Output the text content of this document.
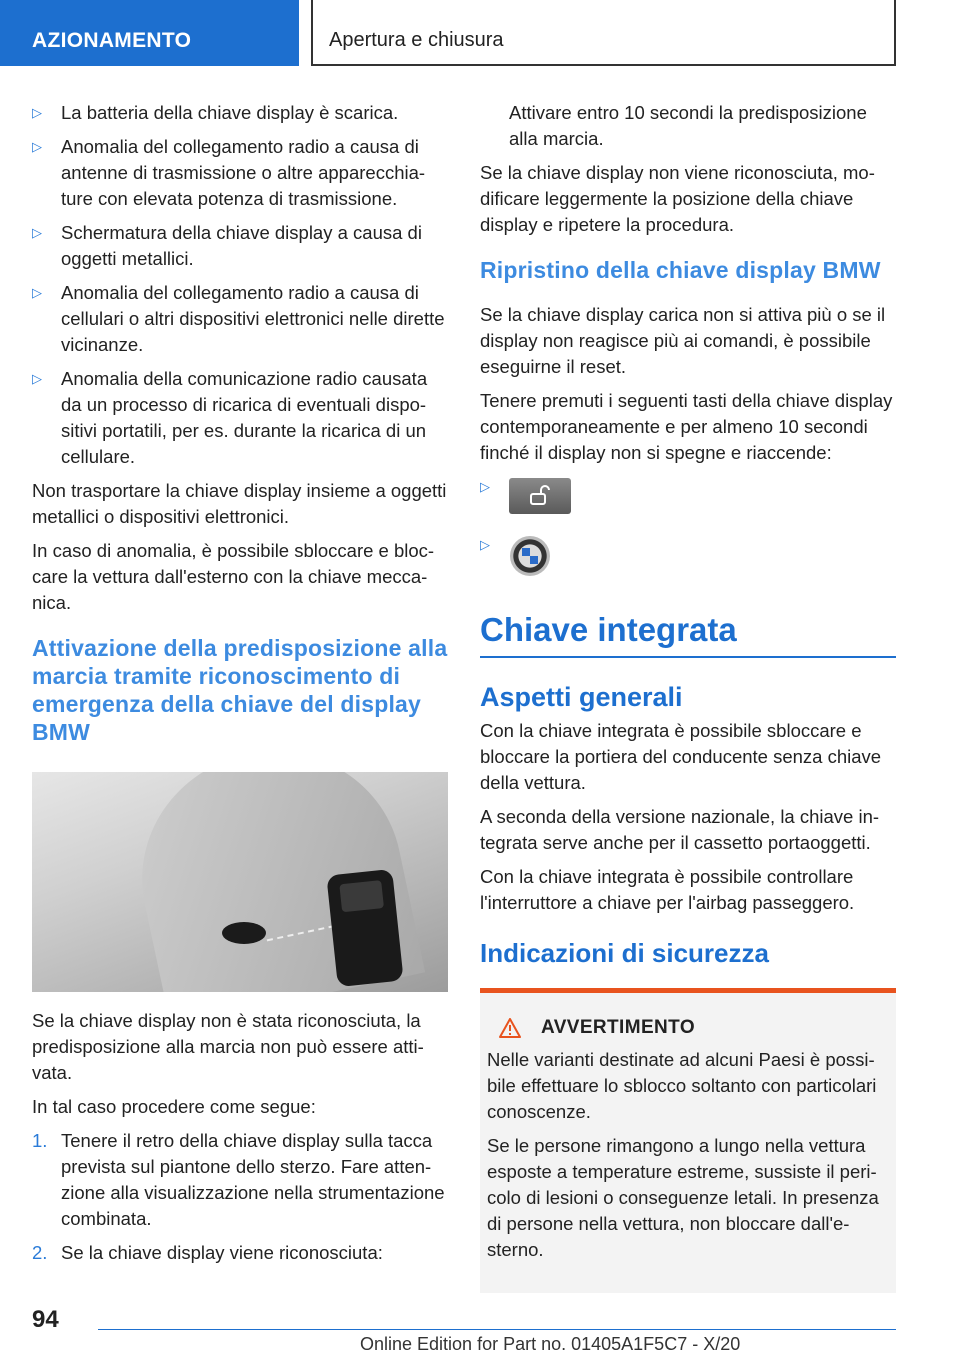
AZIONAMENTO	Apertura e chiusura
▷ La batteria della chiave display è scarica.
▷ Anomalia del collegamento radio a causa di antenne di trasmissione o altre apparecchiature con elevata potenza di trasmissione.
▷ Schermatura della chiave display a causa di oggetti metallici.
▷ Anomalia del collegamento radio a causa di cellulari o altri dispositivi elettronici nelle dirette vicinanze.
▷ Anomalia della comunicazione radio causata da un processo di ricarica di eventuali dispositivi portatili, per es. durante la ricarica di un cellulare.

Non trasportare la chiave display insieme a oggetti metallici o dispositivi elettronici.

In caso di anomalia, è possibile sbloccare e bloccare la vettura dall'esterno con la chiave meccanica.

Attivazione della predisposizione alla marcia tramite riconoscimento di emergenza della chiave del display BMW

Se la chiave display non è stata riconosciuta, la predisposizione alla marcia non può essere attivata.

In tal caso procedere come segue:

1. Tenere il retro della chiave display sulla tacca prevista sul piantone dello sterzo. Fare attenzione alla visualizzazione nella strumentazione combinata.
2. Se la chiave display viene riconosciuta:

Attivare entro 10 secondi la predisposizione alla marcia.

Se la chiave display non viene riconosciuta, modificare leggermente la posizione della chiave display e ripetere la procedura.

Ripristino della chiave display BMW

Se la chiave display carica non si attiva più o se il display non reagisce più ai comandi, è possibile eseguirne il reset.

Tenere premuti i seguenti tasti della chiave display contemporaneamente e per almeno 10 secondi finché il display non si spegne e riaccende:

▷
▷
Chiave integrata
Aspetti generali

Con la chiave integrata è possibile sbloccare e bloccare la portiera del conducente senza chiave della vettura.

A seconda della versione nazionale, la chiave integrata serve anche per il cassetto portaoggetti.

Con la chiave integrata è possibile controllare l'interruttore a chiave per l'airbag passeggero.

Indicazioni di sicurezza
AVVERTIMENTO

Nelle varianti destinate ad alcuni Paesi è possibile effettuare lo sblocco soltanto con particolari conoscenze.

Se le persone rimangono a lungo nella vettura esposte a temperature estreme, sussiste il pericolo di lesioni o conseguenze letali. In presenza di persone nella vettura, non bloccare dall'esterno.

94
Online Edition for Part no. 01405A1F5C7 - X/20
